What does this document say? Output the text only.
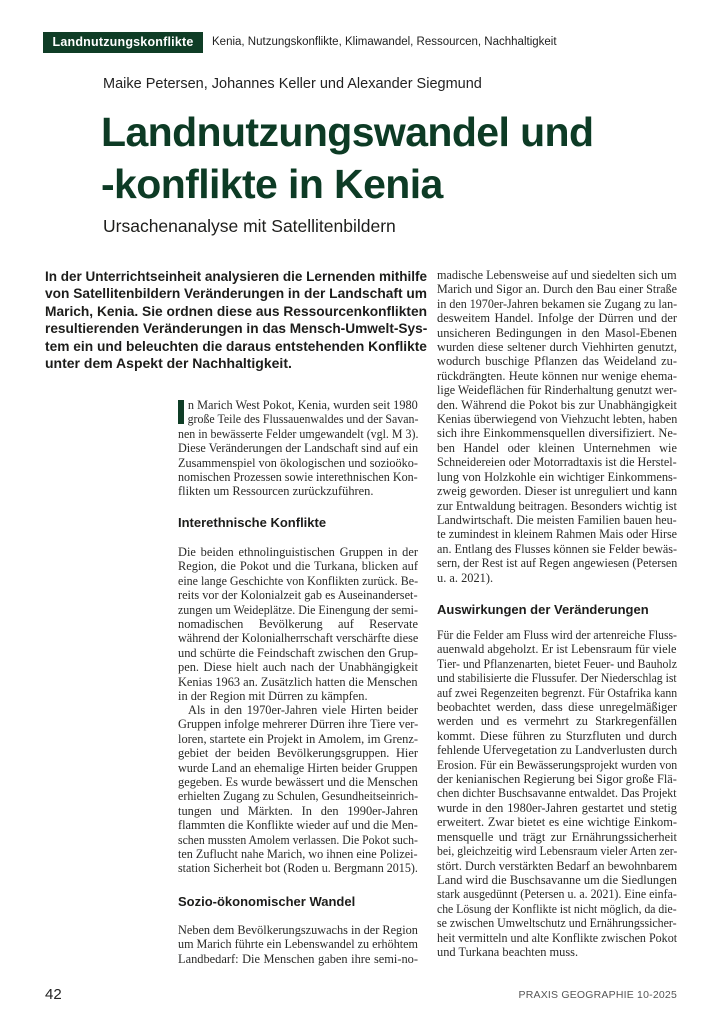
Landnutzungskonflikte	Kenia, Nutzungskonflikte, Klimawandel, Ressourcen, Nachhaltigkeit
Maike Petersen, Johannes Keller und Alexander Siegmund
Landnutzungswandel und
-konflikte in Kenia
Ursachenanalyse mit Satellitenbildern
In der Unterrichtseinheit analysieren die Lernenden mithilfe
von Satellitenbildern Veränderungen in der Landschaft um
Marich, Kenia. Sie ordnen diese aus Ressourcenkonflikten
resultierenden Veränderungen in das Mensch-Umwelt-Sys-
tem ein und beleuchten die daraus entstehenden Konflikte
unter dem Aspekt der Nachhaltigkeit.
n Marich West Pokot, Kenia, wurden seit 1980
große Teile des Flussauenwaldes und der Savan-
nen in bewässerte Felder umgewandelt (vgl. M 3).
Diese Veränderungen der Landschaft sind auf ein
Zusammenspiel von ökologischen und sozioöko-
nomischen Prozessen sowie interethnischen Kon-
flikten um Ressourcen zurückzuführen.
Interethnische Konflikte
Die beiden ethnolinguistischen Gruppen in der
Region, die Pokot und die Turkana, blicken auf
eine lange Geschichte von Konflikten zurück. Be-
reits vor der Kolonialzeit gab es Auseinanderset-
zungen um Weideplätze. Die Einengung der semi-
nomadischen Bevölkerung auf Reservate
während der Kolonialherrschaft verschärfte diese
und schürte die Feindschaft zwischen den Grup-
pen. Diese hielt auch nach der Unabhängigkeit
Kenias 1963 an. Zusätzlich hatten die Menschen
in der Region mit Dürren zu kämpfen.
Als in den 1970er-Jahren viele Hirten beider
Gruppen infolge mehrerer Dürren ihre Tiere ver-
loren, startete ein Projekt in Amolem, im Grenz-
gebiet der beiden Bevölkerungsgruppen. Hier
wurde Land an ehemalige Hirten beider Gruppen
gegeben. Es wurde bewässert und die Menschen
erhielten Zugang zu Schulen, Gesundheitseinrich-
tungen und Märkten. In den 1990er-Jahren
flammten die Konflikte wieder auf und die Men-
schen mussten Amolem verlassen. Die Pokot such-
ten Zuflucht nahe Marich, wo ihnen eine Polizei-
station Sicherheit bot (Roden u. Bergmann 2015).
Sozio-ökonomischer Wandel
Neben dem Bevölkerungszuwachs in der Region
um Marich führte ein Lebenswandel zu erhöhtem
Landbedarf: Die Menschen gaben ihre semi-no-
madische Lebensweise auf und siedelten sich um
Marich und Sigor an. Durch den Bau einer Straße
in den 1970er-Jahren bekamen sie Zugang zu lan-
desweitem Handel. Infolge der Dürren und der
unsicheren Bedingungen in den Masol-Ebenen
wurden diese seltener durch Viehhirten genutzt,
wodurch buschige Pflanzen das Weideland zu-
rückdrängten. Heute können nur wenige ehema-
lige Weideflächen für Rinderhaltung genutzt wer-
den. Während die Pokot bis zur Unabhängigkeit
Kenias überwiegend von Viehzucht lebten, haben
sich ihre Einkommensquellen diversifiziert. Ne-
ben Handel oder kleinen Unternehmen wie
Schneidereien oder Motorradtaxis ist die Herstel-
lung von Holzkohle ein wichtiger Einkommens-
zweig geworden. Dieser ist unreguliert und kann
zur Entwaldung beitragen. Besonders wichtig ist
Landwirtschaft. Die meisten Familien bauen heu-
te zumindest in kleinem Rahmen Mais oder Hirse
an. Entlang des Flusses können sie Felder bewäs-
sern, der Rest ist auf Regen angewiesen (Petersen
u. a. 2021).
Auswirkungen der Veränderungen
Für die Felder am Fluss wird der artenreiche Fluss-
auenwald abgeholzt. Er ist Lebensraum für viele
Tier- und Pflanzenarten, bietet Feuer- und Bauholz
und stabilisierte die Flussufer. Der Niederschlag ist
auf zwei Regenzeiten begrenzt. Für Ostafrika kann
beobachtet werden, dass diese unregelmäßiger
werden und es vermehrt zu Starkregenfällen
kommt. Diese führen zu Sturzfluten und durch
fehlende Ufervegetation zu Landverlusten durch
Erosion. Für ein Bewässerungsprojekt wurden von
der kenianischen Regierung bei Sigor große Flä-
chen dichter Buschsavanne entwaldet. Das Projekt
wurde in den 1980er-Jahren gestartet und stetig
erweitert. Zwar bietet es eine wichtige Einkom-
mensquelle und trägt zur Ernährungssicherheit
bei, gleichzeitig wird Lebensraum vieler Arten zer-
stört. Durch verstärkten Bedarf an bewohnbarem
Land wird die Buschsavanne um die Siedlungen
stark ausgedünnt (Petersen u. a. 2021). Eine einfa-
che Lösung der Konflikte ist nicht möglich, da die-
se zwischen Umweltschutz und Ernährungssicher-
heit vermitteln und alte Konflikte zwischen Pokot
und Turkana beachten muss.
42	PRAXIS GEOGRAPHIE 10-2025
